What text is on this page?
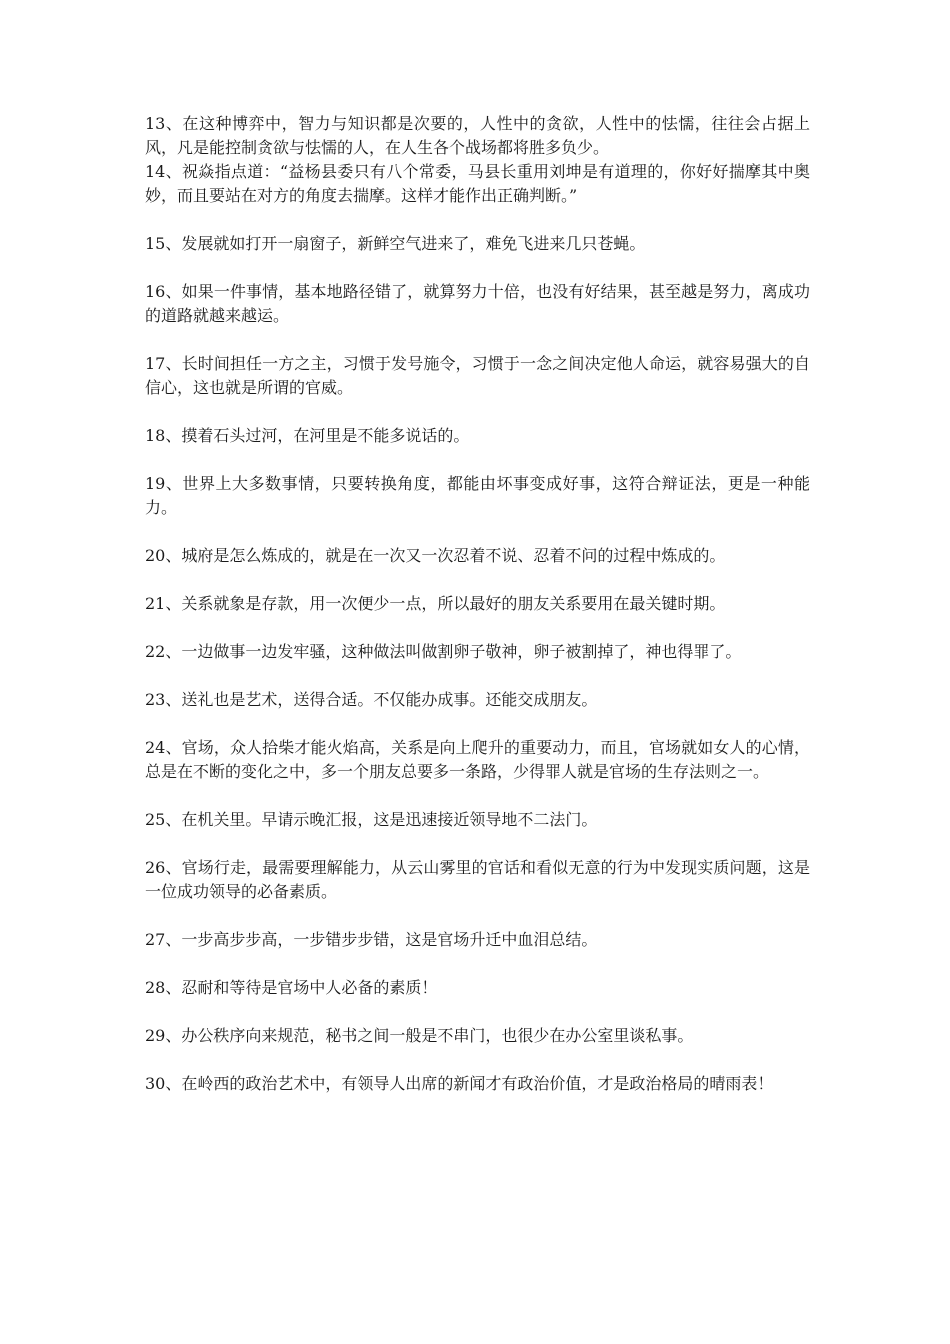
13、在这种博弈中，智力与知识都是次要的，人性中的贪欲，人性中的怯懦，往往会占据上风，凡是能控制贪欲与怯懦的人，在人生各个战场都将胜多负少。

14、祝焱指点道：“益杨县委只有八个常委，马县长重用刘坤是有道理的，你好好揣摩其中奥妙，而且要站在对方的角度去揣摩。这样才能作出正确判断。”

15、发展就如打开一扇窗子，新鲜空气进来了，难免飞进来几只苍蝇。

16、如果一件事情，基本地路径错了，就算努力十倍，也没有好结果，甚至越是努力，离成功的道路就越来越运。

17、长时间担任一方之主，习惯于发号施令，习惯于一念之间决定他人命运，就容易强大的自信心，这也就是所谓的官威。

18、摸着石头过河，在河里是不能多说话的。

19、世界上大多数事情，只要转换角度，都能由坏事变成好事，这符合辩证法，更是一种能力。

20、城府是怎么炼成的，就是在一次又一次忍着不说、忍着不问的过程中炼成的。

21、关系就象是存款，用一次便少一点，所以最好的朋友关系要用在最关键时期。

22、一边做事一边发牢骚，这种做法叫做割卵子敬神，卵子被割掉了，神也得罪了。

23、送礼也是艺术，送得合适。不仅能办成事。还能交成朋友。

24、官场，众人拾柴才能火焰高，关系是向上爬升的重要动力，而且，官场就如女人的心情，总是在不断的变化之中，多一个朋友总要多一条路，少得罪人就是官场的生存法则之一。

25、在机关里。早请示晚汇报，这是迅速接近领导地不二法门。

26、官场行走，最需要理解能力，从云山雾里的官话和看似无意的行为中发现实质问题，这是一位成功领导的必备素质。

27、一步高步步高，一步错步步错，这是官场升迁中血泪总结。

28、忍耐和等待是官场中人必备的素质！

29、办公秩序向来规范，秘书之间一般是不串门，也很少在办公室里谈私事。

30、在岭西的政治艺术中，有领导人出席的新闻才有政治价值，才是政治格局的晴雨表！
